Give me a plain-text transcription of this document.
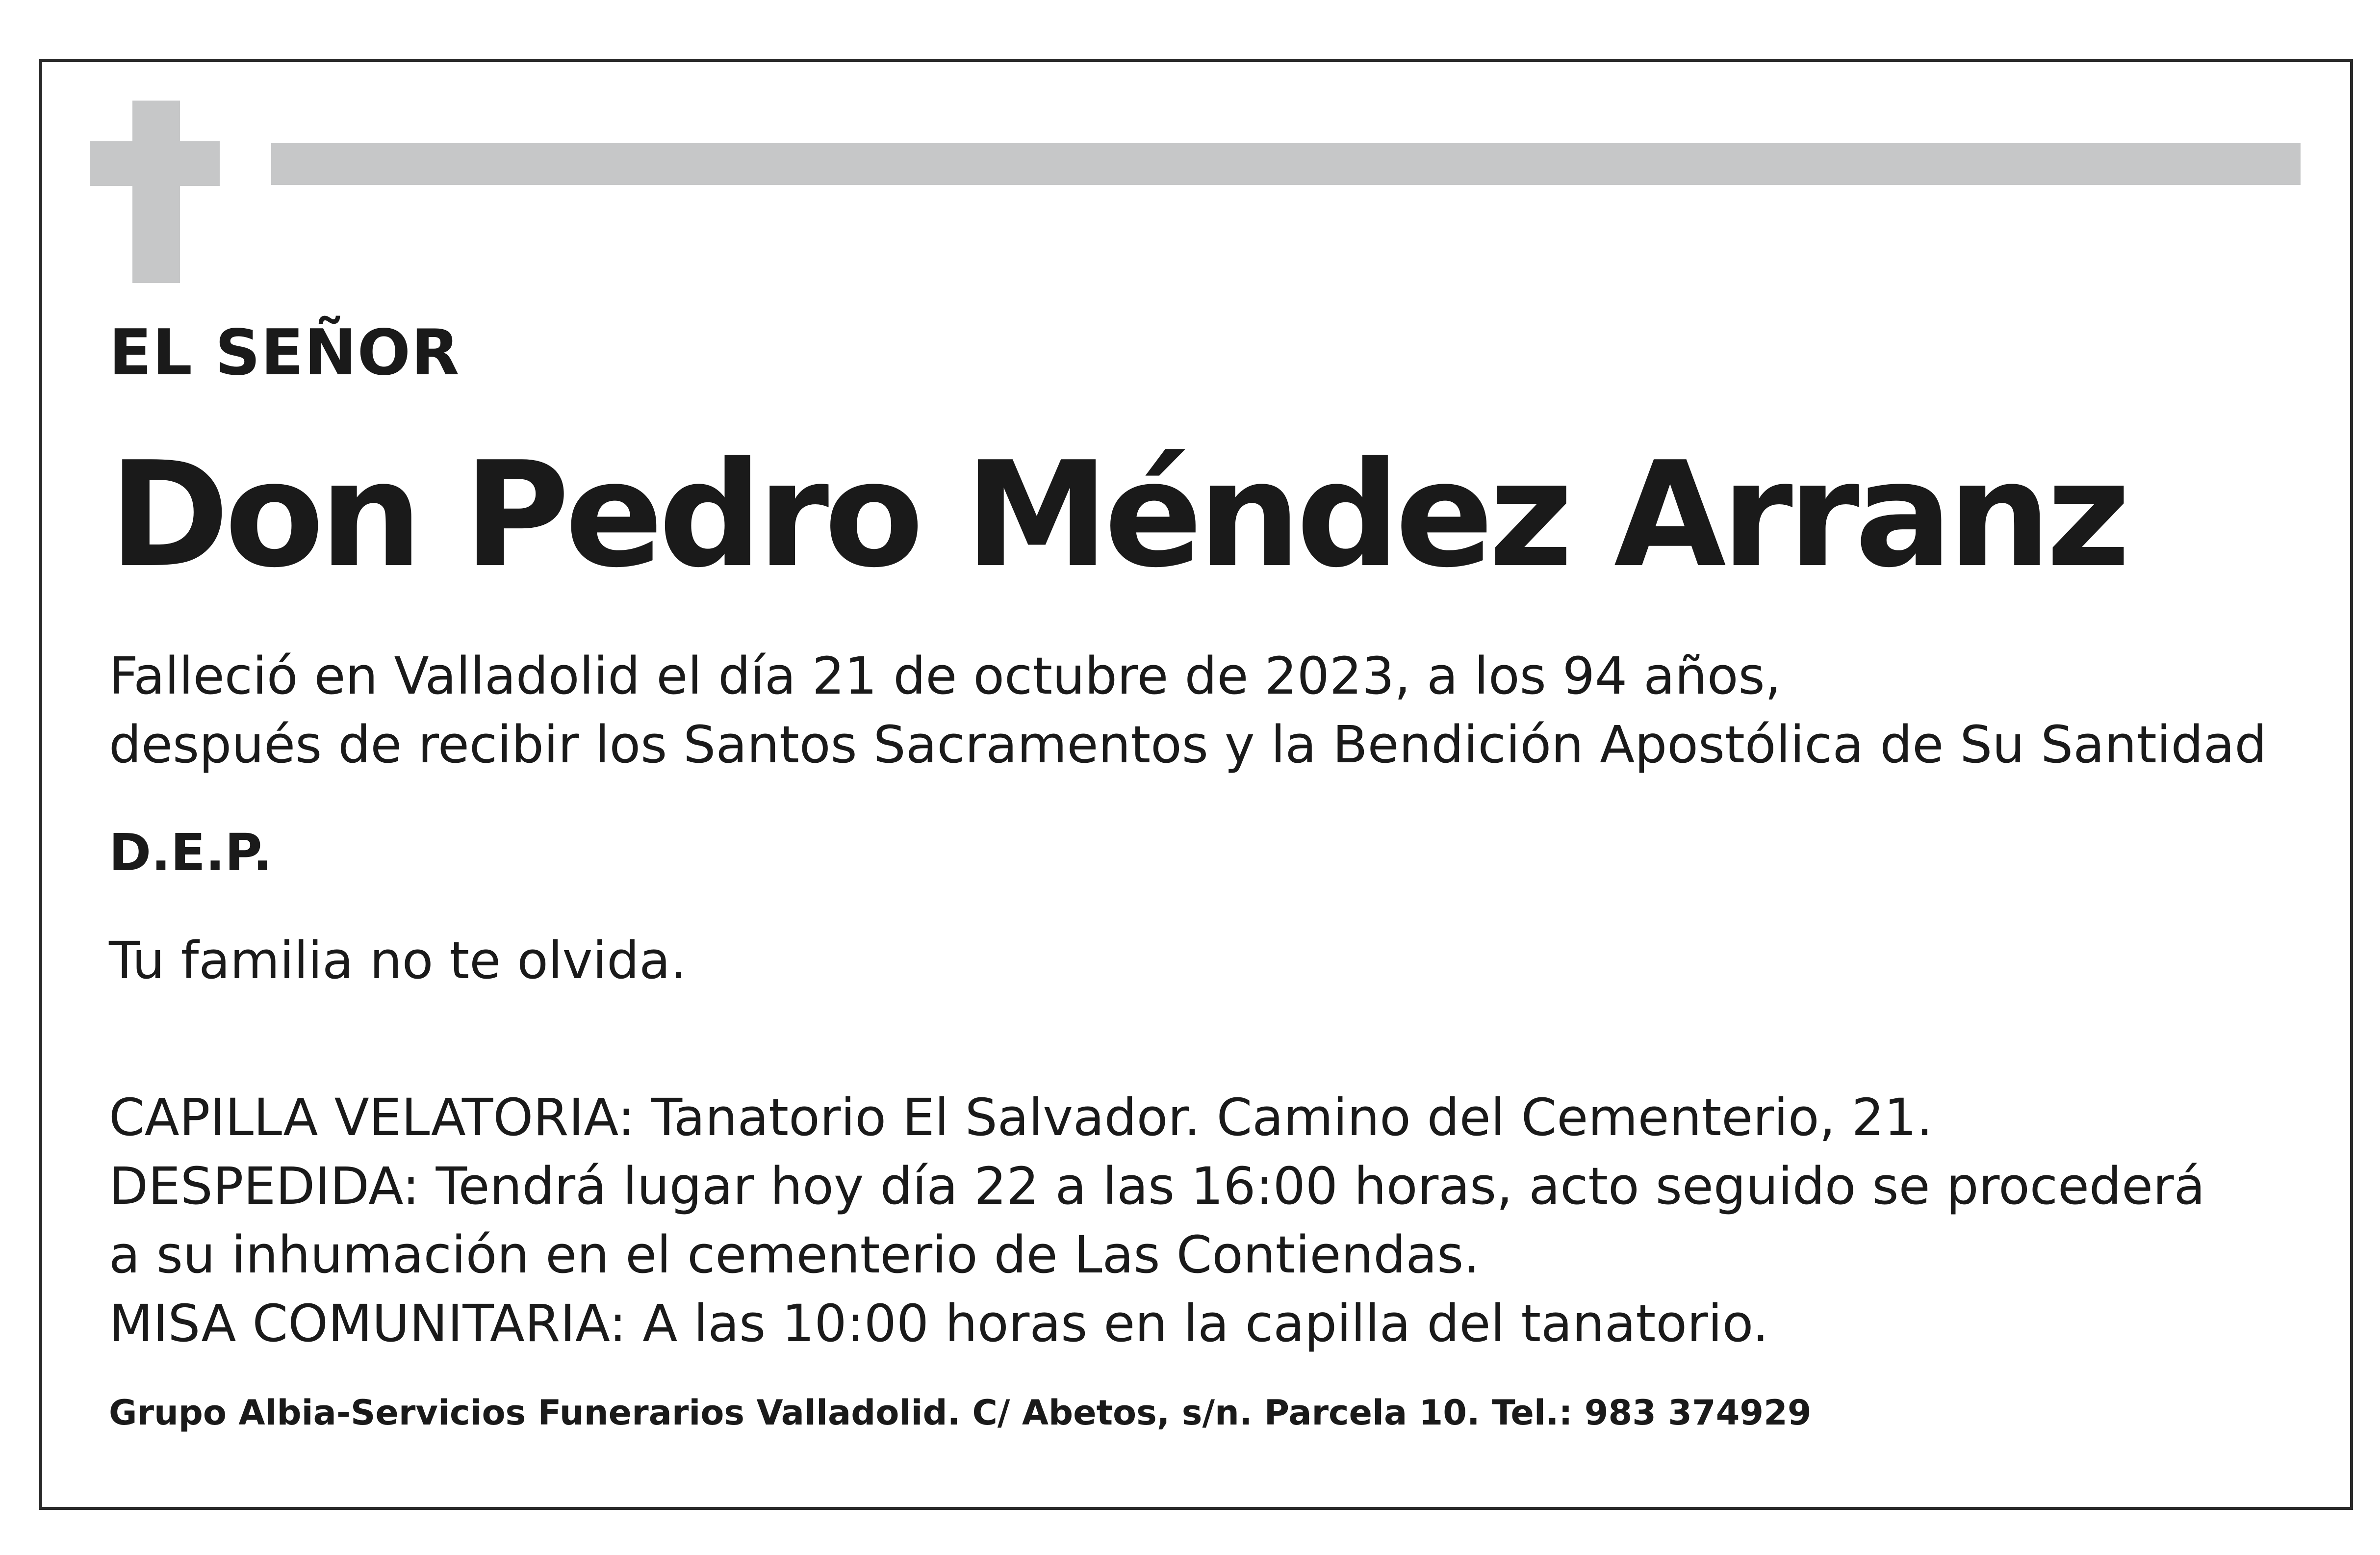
EL SEÑOR
Don Pedro Méndez Arranz
Falleció en Valladolid el día 21 de octubre de 2023, a los 94 años,
después de recibir los Santos Sacramentos y la Bendición Apostólica de Su Santidad
D.E.P.
Tu familia no te olvida.
CAPILLA VELATORIA: Tanatorio El Salvador. Camino del Cementerio, 21.
DESPEDIDA: Tendrá lugar hoy día 22 a las 16:00 horas, acto seguido se procederá
a su inhumación en el cementerio de Las Contiendas.
MISA COMUNITARIA: A las 10:00 horas en la capilla del tanatorio.
Grupo Albia-Servicios Funerarios Valladolid. C/ Abetos, s/n. Parcela 10. Tel.: 983 374929
